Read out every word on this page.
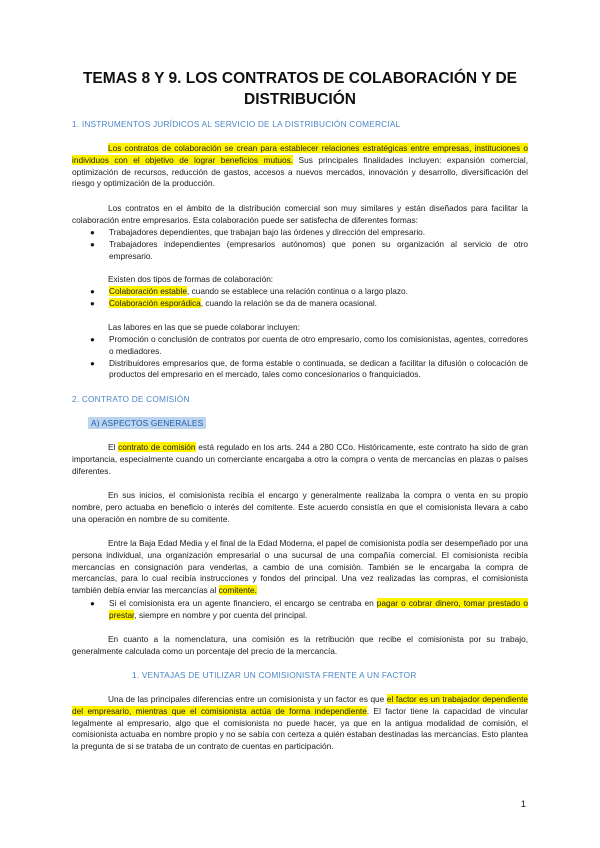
TEMAS 8 Y 9. LOS CONTRATOS DE COLABORACIÓN Y DE DISTRIBUCIÓN

1. INSTRUMENTOS JURÍDICOS AL SERVICIO DE LA DISTRIBUCIÓN COMERCIAL

Los contratos de colaboración se crean para establecer relaciones estratégicas entre empresas, instituciones o individuos con el objetivo de lograr beneficios mutuos. Sus principales finalidades incluyen: expansión comercial, optimización de recursos, reducción de gastos, accesos a nuevos mercados, innovación y desarrollo, diversificación del riesgo y optimización de la producción.

Los contratos en el ámbito de la distribución comercial son muy similares y están diseñados para facilitar la colaboración entre empresarios. Esta colaboración puede ser satisfecha de diferentes formas:

● Trabajadores dependientes, que trabajan bajo las órdenes y dirección del empresario.
● Trabajadores independientes (empresarios autónomos) que ponen su organización al servicio de otro empresario.

Existen dos tipos de formas de colaboración:

● Colaboración estable, cuando se establece una relación continua o a largo plazo.
● Colaboración esporádica, cuando la relación se da de manera ocasional.

Las labores en las que se puede colaborar incluyen:

● Promoción o conclusión de contratos por cuenta de otro empresario, como los comisionistas, agentes, corredores o mediadores.
● Distribuidores empresarios que, de forma estable o continuada, se dedican a facilitar la difusión o colocación de productos del empresario en el mercado, tales como concesionarios o franquiciados.

2. CONTRATO DE COMISIÓN

A) ASPECTOS GENERALES

El contrato de comisión está regulado en los arts. 244 a 280 CCo. Históricamente, este contrato ha sido de gran importancia, especialmente cuando un comerciante encargaba a otro la compra o venta de mercancías en plazas o países diferentes.

En sus inicios, el comisionista recibía el encargo y generalmente realizaba la compra o venta en su propio nombre, pero actuaba en beneficio o interés del comitente. Este acuerdo consistía en que el comisionista llevara a cabo una operación en nombre de su comitente.

Entre la Baja Edad Media y el final de la Edad Moderna, el papel de comisionista podía ser desempeñado por una persona individual, una organización empresarial o una sucursal de una compañía comercial. El comisionista recibía mercancías en consignación para venderlas, a cambio de una comisión. También se le encargaba la compra de mercancías, para lo cual recibía instrucciones y fondos del principal. Una vez realizadas las compras, el comisionista también debía enviar las mercancías al comitente.

● Si el comisionista era un agente financiero, el encargo se centraba en pagar o cobrar dinero, tomar prestado o prestar, siempre en nombre y por cuenta del principal.

En cuanto a la nomenclatura, una comisión es la retribución que recibe el comisionista por su trabajo, generalmente calculada como un porcentaje del precio de la mercancía.

1. VENTAJAS DE UTILIZAR UN COMISIONISTA FRENTE A UN FACTOR

Una de las principales diferencias entre un comisionista y un factor es que el factor es un trabajador dependiente del empresario, mientras que el comisionista actúa de forma independiente. El factor tiene la capacidad de vincular legalmente al empresario, algo que el comisionista no puede hacer, ya que en la antigua modalidad de comisión, el comisionista actuaba en nombre propio y no se sabía con certeza a quién estaban destinadas las mercancías. Esto plantea la pregunta de si se trataba de un contrato de cuentas en participación.

1
